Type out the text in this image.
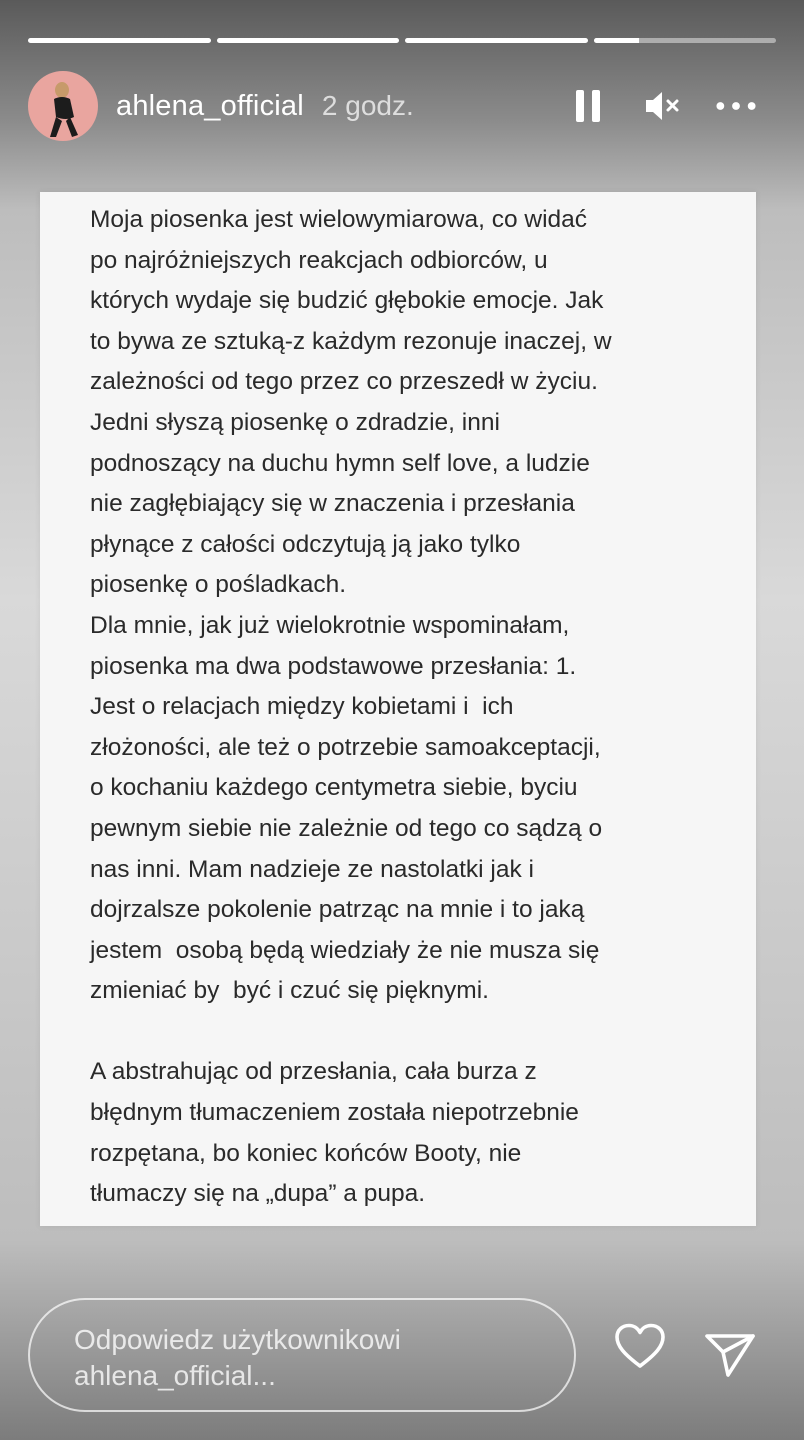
ahlena_official 2 godz.

Moja piosenka jest wielowymiarowa, co widać
po najróżniejszych reakcjach odbiorców, u
których wydaje się budzić głębokie emocje. Jak
to bywa ze sztuką-z każdym rezonuje inaczej, w
zależności od tego przez co przeszedł w życiu.
Jedni słyszą piosenkę o zdradzie, inni
podnoszący na duchu hymn self love, a ludzie
nie zagłębiający się w znaczenia i przesłania
płynące z całości odczytują ją jako tylko
piosenkę o pośladkach.
Dla mnie, jak już wielokrotnie wspominałam,
piosenka ma dwa podstawowe przesłania: 1.
Jest o relacjach między kobietami i  ich
złożoności, ale też o potrzebie samoakceptacji,
o kochaniu każdego centymetra siebie, byciu
pewnym siebie nie zależnie od tego co sądzą o
nas inni. Mam nadzieje ze nastolatki jak i
dojrzalsze pokolenie patrząc na mnie i to jaką
jestem  osobą będą wiedziały że nie musza się
zmieniać by  być i czuć się pięknymi.

A abstrahując od przesłania, cała burza z
błędnym tłumaczeniem została niepotrzebnie
rozpętana, bo koniec końców Booty, nie
tłumaczy się na „dupa” a pupa.

Odpowiedz użytkownikowi ahlena_official...
